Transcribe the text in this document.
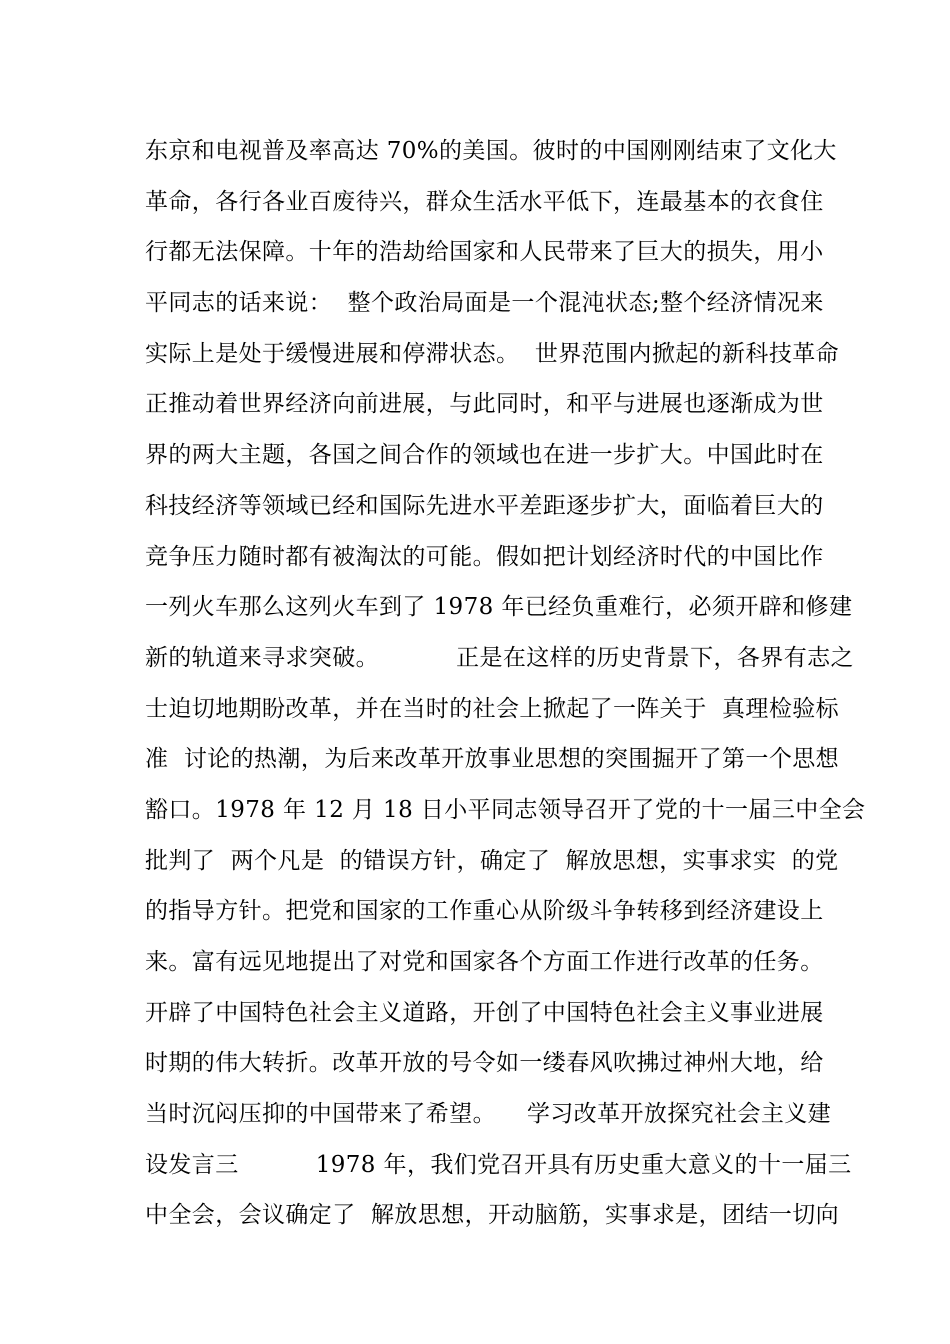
东京和电视普及率高达 70%的美国。彼时的中国刚刚结束了文化大
革命，各行各业百废待兴，群众生活水平低下，连最基本的衣食住
行都无法保障。十年的浩劫给国家和人民带来了巨大的损失，用小
平同志的话来说：  整个政治局面是一个混沌状态;整个经济情况来
实际上是处于缓慢进展和停滞状态。  世界范围内掀起的新科技革命
正推动着世界经济向前进展，与此同时，和平与进展也逐渐成为世
界的两大主题，各国之间合作的领域也在进一步扩大。中国此时在
科技经济等领域已经和国际先进水平差距逐步扩大，面临着巨大的
竞争压力随时都有被淘汰的可能。假如把计划经济时代的中国比作
一列火车那么这列火车到了 1978 年已经负重难行，必须开辟和修建
新的轨道来寻求突破。          正是在这样的历史背景下，各界有志之
士迫切地期盼改革，并在当时的社会上掀起了一阵关于  真理检验标
准  讨论的热潮，为后来改革开放事业思想的突围掘开了第一个思想
豁口。1978 年 12 月 18 日小平同志领导召开了党的十一届三中全会
批判了  两个凡是  的错误方针，确定了  解放思想，实事求实  的党
的指导方针。把党和国家的工作重心从阶级斗争转移到经济建设上
来。富有远见地提出了对党和国家各个方面工作进行改革的任务。
开辟了中国特色社会主义道路，开创了中国特色社会主义事业进展
时期的伟大转折。改革开放的号令如一缕春风吹拂过神州大地，给
当时沉闷压抑的中国带来了希望。    学习改革开放探究社会主义建
设发言三          1978 年，我们党召开具有历史重大意义的十一届三
中全会，会议确定了  解放思想，开动脑筋，实事求是，团结一切向
